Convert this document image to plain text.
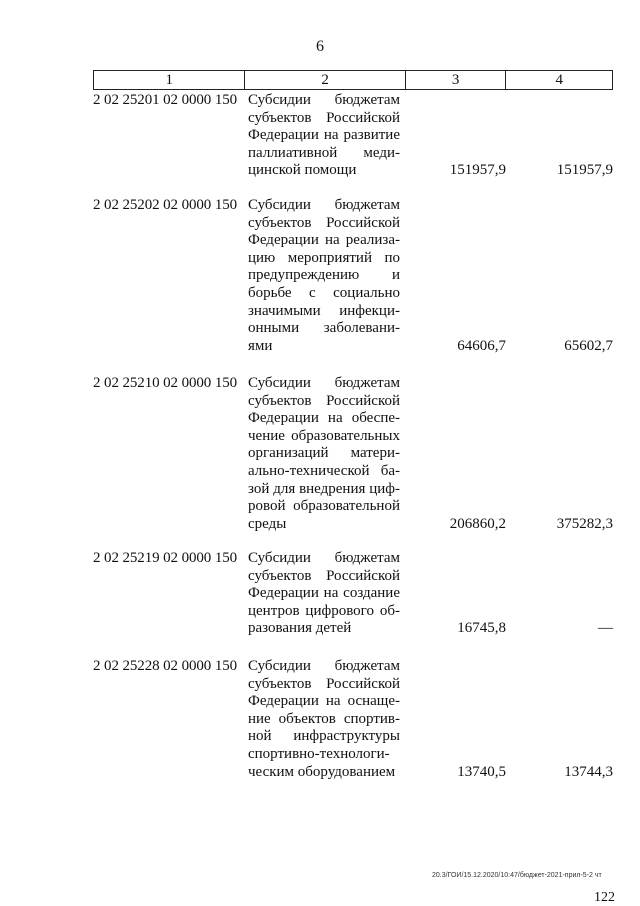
6
1	2	3	4
2 02 25201 02 0000 150 Субсидии бюджетам
субъектов Российской
Федерации на развитие
паллиативной меди-
цинской помощи	151957,9	151957,9
2 02 25202 02 0000 150 Субсидии бюджетам
субъектов Российской
Федерации на реализа-
цию мероприятий по
предупреждению и
борьбе с социально
значимыми инфекци-
онными заболевани-
ями	64606,7	65602,7
2 02 25210 02 0000 150 Субсидии бюджетам
субъектов Российской
Федерации на обеспе-
чение образовательных
организаций матери-
ально-технической ба-
зой для внедрения циф-
ровой образовательной
среды	206860,2	375282,3
2 02 25219 02 0000 150 Субсидии бюджетам
субъектов Российской
Федерации на создание
центров цифрового об-
разования детей	16745,8	—
2 02 25228 02 0000 150 Субсидии бюджетам
субъектов Российской
Федерации на оснаще-
ние объектов спортив-
ной инфраструктуры
спортивно-технологи-
ческим оборудованием	13740,5	13744,3
20.3/ГОИ/15.12.2020/10:47/бюджет-2021-прил-5-2 чт
122
